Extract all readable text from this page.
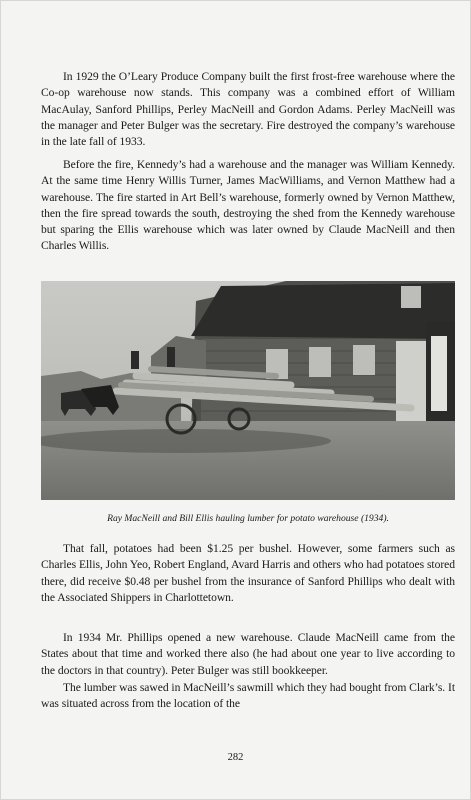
In 1929 the O’Leary Produce Company built the first frost-free warehouse where the Co-op warehouse now stands. This company was a combined effort of William MacAulay, Sanford Phillips, Perley MacNeill and Gordon Adams. Perley MacNeill was the manager and Peter Bulger was the secretary. Fire destroyed the company’s warehouse in the late fall of 1933.

Before the fire, Kennedy’s had a warehouse and the manager was William Kennedy. At the same time Henry Willis Turner, James MacWilliams, and Vernon Matthew had a warehouse. The fire started in Art Bell’s warehouse, formerly owned by Vernon Matthew, then the fire spread towards the south, destroying the shed from the Kennedy warehouse but sparing the Ellis warehouse which was later owned by Claude MacNeill and then Charles Willis.

Ray MacNeill and Bill Ellis hauling lumber for potato warehouse (1934).

That fall, potatoes had been $1.25 per bushel. However, some farmers such as Charles Ellis, John Yeo, Robert England, Avard Harris and others who had potatoes stored there, did receive $0.48 per bushel from the insurance of Sanford Phillips who dealt with the Associated Shippers in Charlottetown.

In 1934 Mr. Phillips opened a new warehouse. Claude MacNeill came from the States about that time and worked there also (he had about one year to live according to the doctors in that country). Peter Bulger was still bookkeeper.

The lumber was sawed in MacNeill’s sawmill which they had bought from Clark’s. It was situated across from the location of the

282
